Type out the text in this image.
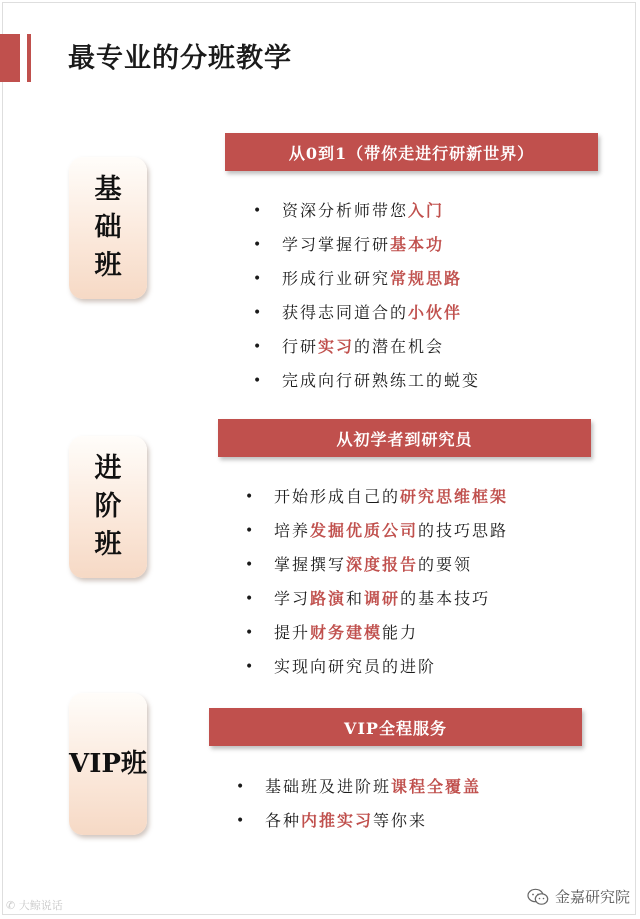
最专业的分班教学
基
础
班
从0到1（带你走进行研新世界）
• 资深分析师带您入门
• 学习掌握行研基本功
• 形成行业研究常规思路
• 获得志同道合的小伙伴
• 行研实习的潜在机会
• 完成向行研熟练工的蜕变
进
阶
班
从初学者到研究员
• 开始形成自己的研究思维框架
• 培养发掘优质公司的技巧思路
• 掌握撰写深度报告的要领
• 学习路演和调研的基本技巧
• 提升财务建模能力
• 实现向研究员的进阶
VIP班
VIP全程服务
• 基础班及进阶班课程全覆盖
• 各种内推实习等你来
✆ 大鲸说话	金嘉研究院
